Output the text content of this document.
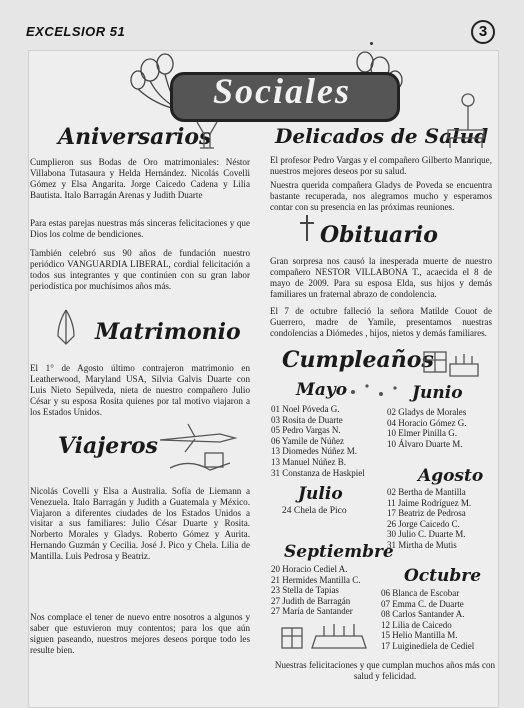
EXCELSIOR 51	3
Sociales
Aniversarios
Cumplieron sus Bodas de Oro matrimoniales: Néstor Villabona Tutasaura y Helda Hernández. Nicolás Covelli Gómez y Elsa Angarita. Jorge Caicedo Cadena y Lilia Bautista. Italo Barragán Arenas y Judith Duarte
Para estas parejas nuestras más sinceras felicitaciones y que Dios los colme de bendiciones.
También celebró sus 90 años de fundación nuestro periódico VANGUARDIA LIBERAL, cordial felicitación a todos sus integrantes y que continúen con su gran labor periodística por muchísimos años más.
Matrimonio
El 1° de Agosto último contrajeron matrimonio en Leatherwood, Maryland USA, Silvia Galvis Duarte con Luis Nieto Sepúlveda, nieta de nuestro compañero Julio César y su esposa Rosita quienes por tal motivo viajaron a los Estados Unidos.
Viajeros
Nicolás Covelli y Elsa a Australia. Sofía de Liemann a Venezuela. Italo Barragán y Judith a Guatemala y México. Viajaron a diferentes ciudades de los Estados Unidos a visitar a sus familiares: Julio César Duarte y Rosita. Norberto Morales y Gladys. Roberto Gómez y Aurita. Hernando Guzmán y Cecilia. José J. Pico y Chela. Lilia de Mantilla. Luis Pedrosa y Beatriz.
Nos complace el tener de nuevo entre nosotros a algunos y saber que estuvieron muy contentos; para los que aún siguen paseando, nuestros mejores deseos porque todo les resulte bien.
Delicados de Salud
El profesor Pedro Vargas y el compañero Gilberto Manrique, nuestros mejores deseos por su salud.
Nuestra querida compañera Gladys de Poveda se encuentra bastante recuperada, nos alegramos mucho y esperamos contar con su presencia en las próximas reuniones.
Obituario
Gran sorpresa nos causó la inesperada muerte de nuestro compañero NESTOR VILLABONA T., acaecida el 8 de mayo de 2009. Para su esposa Elda, sus hijos y demás familiares un fraternal abrazo de condolencia.
El 7 de octubre falleció la señora Matilde Couot de Guerrero, madre de Yamile, presentamos nuestras condolencias a Diómedes , hijos, nietos y demás familiares.
Cumpleaños
Mayo	Junio
01 Noel Póveda G.
03 Rosita de Duarte
05 Pedro Vargas N.
06 Yamile de Núñez
13 Diomedes Núñez M.
13 Manuel Núñez B.
31 Constanza de Haskpiel
02 Gladys de Morales
04 Horacio Gómez G.
10 Elmer Pinilla G.
10 Álvaro Duarte M.
Agosto
02 Bertha de Mantilla
11 Jaime Rodríguez M.
17 Beatriz de Pedrosa
26 Jorge Caicedo C.
30 Julio C. Duarte M.
31 Mirtha de Mutis
Julio
24 Chela de Pico
Septiembre
20 Horacio Cediel A.
21 Hermides Mantilla C.
23 Stella de Tapias
27 Judith de Barragán
27 María de Santander
Octubre
06 Blanca de Escobar
07 Emma C. de Duarte
08 Carlos Santander A.
12 Lilia de Caicedo
15 Helio Mantilla M.
17 Luiginediela de Cediel
Nuestras felicitaciones y que cumplan muchos años más con salud y felicidad.
